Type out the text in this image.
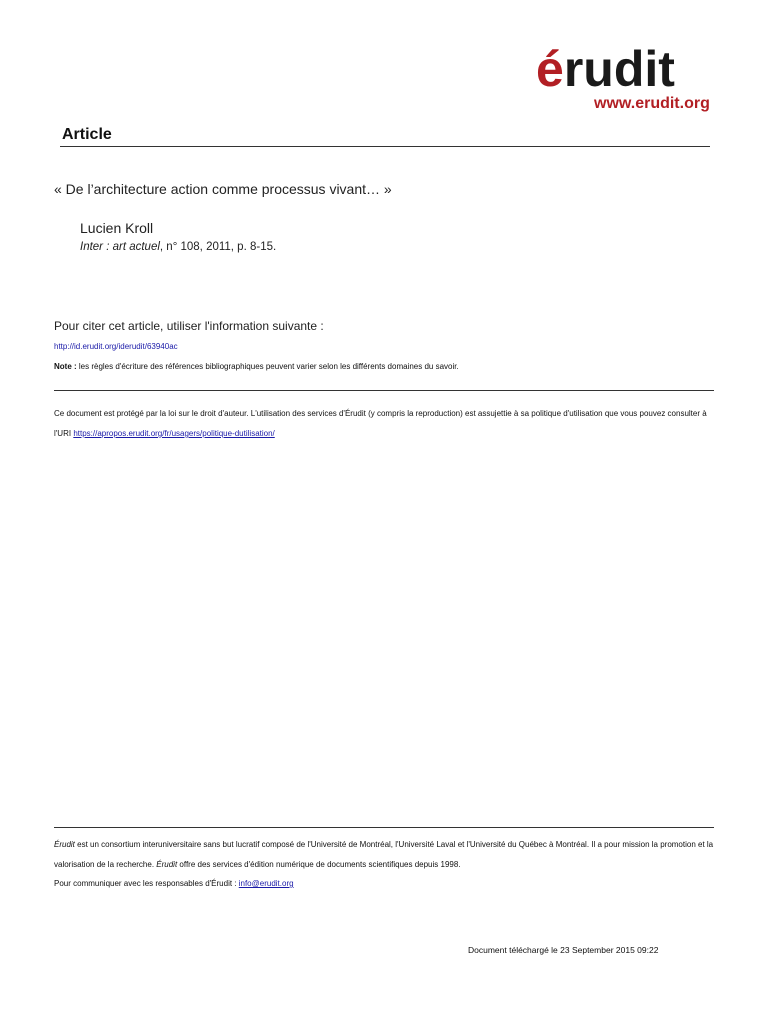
érudit
www.erudit.org
Article
« De l’architecture action comme processus vivant… »
Lucien Kroll
Inter : art actuel, n° 108, 2011, p. 8-15.
Pour citer cet article, utiliser l'information suivante :
http://id.erudit.org/iderudit/63940ac
Note : les règles d'écriture des références bibliographiques peuvent varier selon les différents domaines du savoir.
Ce document est protégé par la loi sur le droit d'auteur. L'utilisation des services d'Érudit (y compris la reproduction) est assujettie à sa politique d'utilisation que vous pouvez consulter à l'URI https://apropos.erudit.org/fr/usagers/politique-dutilisation/
Érudit est un consortium interuniversitaire sans but lucratif composé de l'Université de Montréal, l'Université Laval et l'Université du Québec à Montréal. Il a pour mission la promotion et la valorisation de la recherche. Érudit offre des services d'édition numérique de documents scientifiques depuis 1998.
Pour communiquer avec les responsables d'Érudit : info@erudit.org
Document téléchargé le 23 September 2015 09:22
